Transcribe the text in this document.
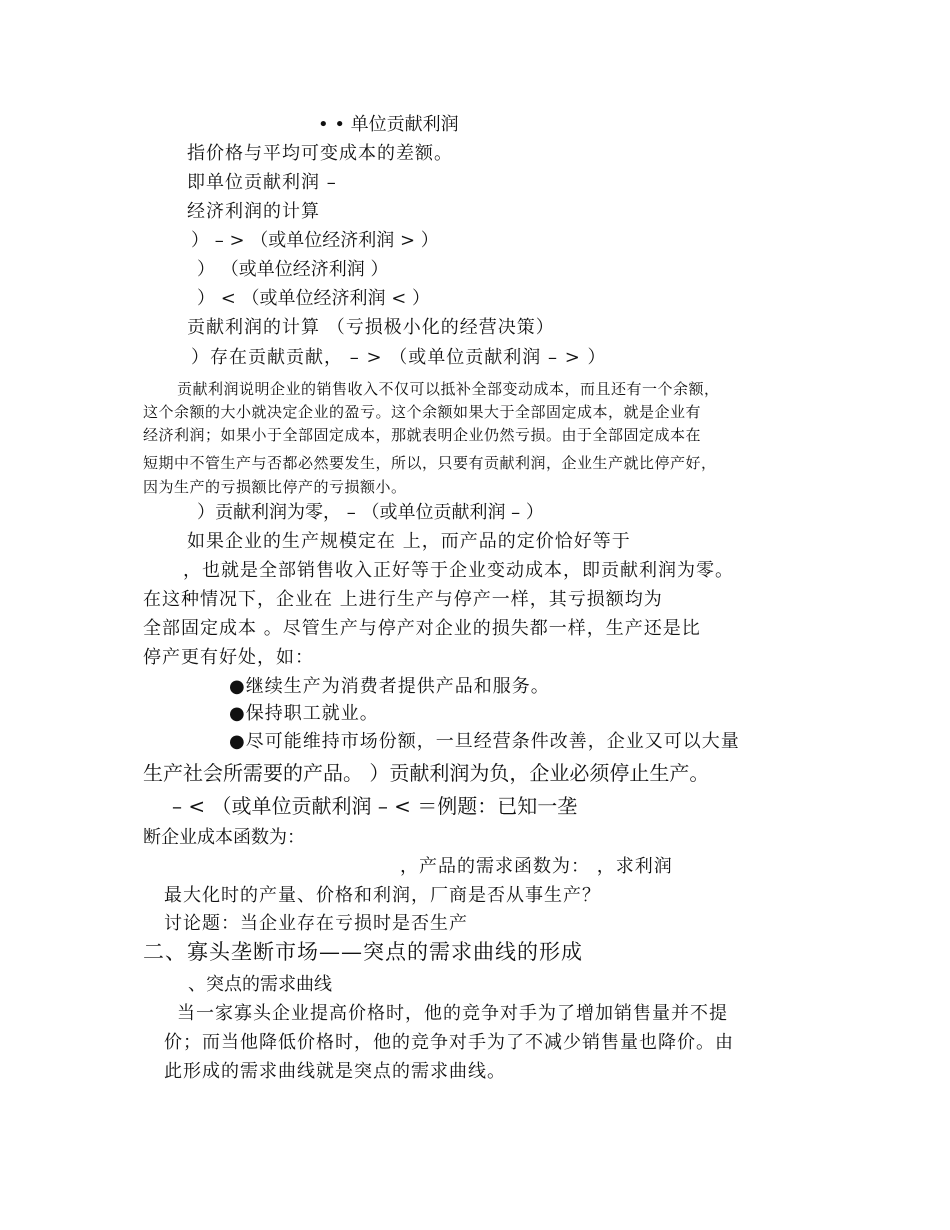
• • 单位贡献利润
指价格与平均可变成本的差额。
即单位贡献利润 –
经济利润的计算
） – > （或单位经济利润 > ）
） （或单位经济利润 ）
） < （或单位经济利润 < ）
贡献利润的计算 （亏损极小化的经营决策）
）存在贡献贡献， – > （或单位贡献利润 – > ）
贡献利润说明企业的销售收入不仅可以抵补全部变动成本，而且还有一个余额，
这个余额的大小就决定企业的盈亏。这个余额如果大于全部固定成本，就是企业有
经济利润；如果小于全部固定成本，那就表明企业仍然亏损。由于全部固定成本在
短期中不管生产与否都必然要发生，所以，只要有贡献利润，企业生产就比停产好，
因为生产的亏损额比停产的亏损额小。
）贡献利润为零， – （或单位贡献利润 – ）
如果企业的生产规模定在 上，而产品的定价恰好等于
，也就是全部销售收入正好等于企业变动成本，即贡献利润为零。
在这种情况下，企业在 上进行生产与停产一样，其亏损额均为
全部固定成本 。尽管生产与停产对企业的损失都一样，生产还是比
停产更有好处，如：
●继续生产为消费者提供产品和服务。
●保持职工就业。
●尽可能维持市场份额，一旦经营条件改善，企业又可以大量
生产社会所需要的产品。 ）贡献利润为负，企业必须停止生产。
– < （或单位贡献利润 – < ＝例题：已知一垄
断企业成本函数为：
，产品的需求函数为： ，求利润
最大化时的产量、价格和利润，厂商是否从事生产？
讨论题：当企业存在亏损时是否生产
二、寡头垄断市场——突点的需求曲线的形成
、突点的需求曲线
当一家寡头企业提高价格时，他的竞争对手为了增加销售量并不提
价；而当他降低价格时，他的竞争对手为了不减少销售量也降价。由
此形成的需求曲线就是突点的需求曲线。
